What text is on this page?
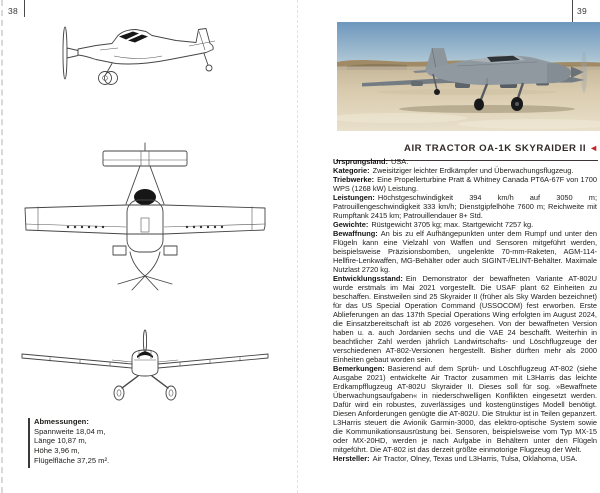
38
Abmessungen:
Spannweite 18,04 m,
Länge 10,87 m,
Höhe 3,96 m,
Flügelfläche 37,25 m².
39
AIR TRACTOR OA-1K SKYRAIDER II ◄

Ursprungsland: USA.

Kategorie: Zweisitziger leichter Erdkämpfer und Überwachungsflugzeug.

Triebwerke: Eine Propellerturbine Pratt & Whitney Canada PT6A-67F von 1700 WPS (1268 kW) Leistung.

Leistungen: Höchstgeschwindigkeit 394 km/h auf 3050 m; Patrouillengeschwindigkeit 333 km/h; Dienstgipfelhöhe 7600 m; Reichweite mit Rumpftank 2415 km; Patrouillendauer 8+ Std.

Gewichte: Rüstgewicht 3705 kg; max. Startgewicht 7257 kg.

Bewaffnung: An bis zu elf Aufhängepunkten unter dem Rumpf und unter den Flügeln kann eine Vielzahl von Waffen und Sensoren mitgeführt werden, beispielsweise Präzisionsbomben, ungelenkte 70-mm-Raketen, AGM-114-Hellfire-Lenkwaffen, MG-Behälter oder auch SIGINT-/ELINT-Behälter. Maximale Nutzlast 2720 kg.

Entwicklungsstand: Ein Demonstrator der bewaffneten Variante AT-802U wurde erstmals im Mai 2021 vorgestellt. Die USAF plant 62 Einheiten zu beschaffen. Einstweilen sind 25 Skyraider II (früher als Sky Warden bezeichnet) für das US Special Operation Command (USSOCOM) fest erworben. Erste Ablieferungen an das 137th Special Operations Wing erfolgten im August 2024, die Einsatzbereitschaft ist ab 2026 vorgesehen. Von der bewaffneten Version haben u. a. auch Jordanien sechs und die VAE 24 beschafft. Weiterhin in beachtlicher Zahl werden jährlich Landwirtschafts- und Löschflugzeuge der verschiedenen AT-802-Versionen hergestellt. Bisher dürften mehr als 2000 Einheiten gebaut worden sein.

Bemerkungen: Basierend auf dem Sprüh- und Löschflugzeug AT-802 (siehe Ausgabe 2021) entwickelte Air Tractor zusammen mit L3Harris das leichte Erdkampfflugzeug AT-802U Skyraider II. Dieses soll für sog. »Bewaffnete Überwachungsaufgaben« in niederschwelligen Konflikten eingesetzt werden. Dafür wird ein robustes, zuverlässiges und kostengünstiges Modell benötigt. Diesen Anforderungen genügte die AT-802U. Die Struktur ist in Teilen gepanzert. L3Harris steuert die Avionik Garmin-3000, das elektro-optische System sowie die Kommunikationsausrüstung bei. Sensoren, beispielsweise vom Typ MX-15 oder MX-20HD, werden je nach Aufgabe in Behältern unter den Flügeln mitgeführt. Die AT-802 ist das derzeit größte einmotorige Flugzeug der Welt.

Hersteller: Air Tractor, Olney, Texas und L3Harris, Tulsa, Oklahoma, USA.
